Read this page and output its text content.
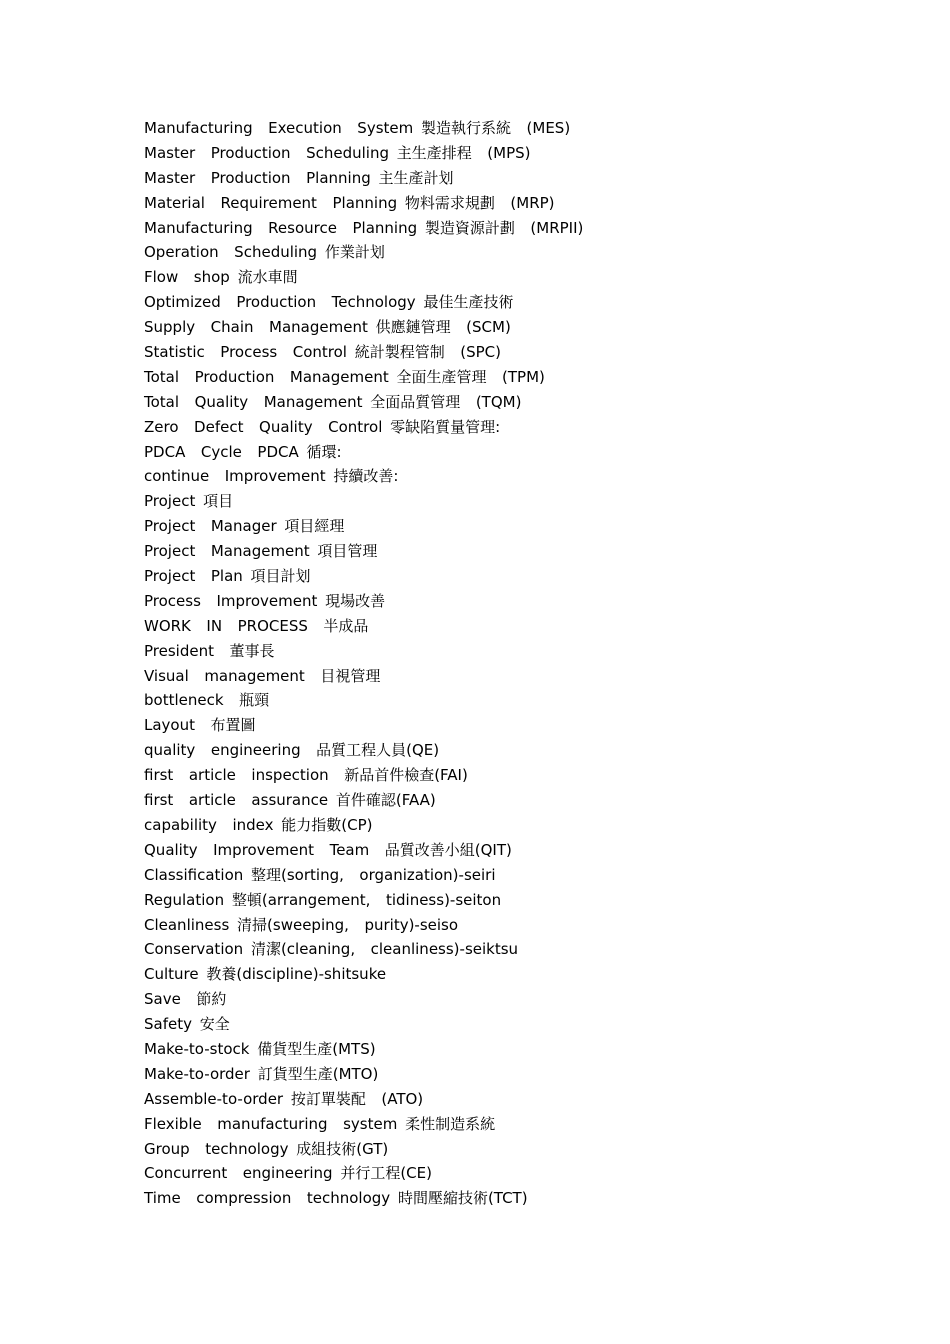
Manufacturing  Execution  System 製造執行系統  (MES)
Master  Production  Scheduling 主生產排程  (MPS)
Master  Production  Planning 主生產計划
Material  Requirement  Planning 物料需求規劃  (MRP)
Manufacturing  Resource  Planning 製造資源計劃  (MRPII)
Operation  Scheduling 作業計划
Flow  shop 流水車間
Optimized  Production  Technology 最佳生產技術
Supply  Chain  Management 供應鏈管理  (SCM)
Statistic  Process  Control 統計製程管制  (SPC)
Total  Production  Management 全面生產管理  (TPM)
Total  Quality  Management 全面品質管理  (TQM)
Zero  Defect  Quality  Control 零缺陷質量管理:
PDCA  Cycle  PDCA 循環:
continue  Improvement 持續改善:
Project 項目
Project  Manager 項目經理
Project  Management 項目管理
Project  Plan 項目計划
Process  Improvement 現場改善
WORK  IN  PROCESS  半成品
President  董事長
Visual  management  目視管理
bottleneck  瓶頸
Layout  布置圖
quality  engineering  品質工程人員(QE)
first  article  inspection  新品首件檢查(FAI)
first  article  assurance 首件確認(FAA)
capability  index 能力指數(CP)
Quality  Improvement  Team  品質改善小組(QIT)
Classification 整理(sorting,  organization)-seiri
Regulation 整頓(arrangement,  tidiness)-seiton
Cleanliness 清掃(sweeping,  purity)-seiso
Conservation 清潔(cleaning,  cleanliness)-seiktsu
Culture 教養(discipline)-shitsuke
Save  節約
Safety 安全
Make-to-stock 備貨型生產(MTS)
Make-to-order 訂貨型生產(MTO)
Assemble-to-order 按訂單裝配  (ATO)
Flexible  manufacturing  system 柔性制造系統
Group  technology 成組技術(GT)
Concurrent  engineering 并行工程(CE)
Time  compression  technology 時間壓縮技術(TCT)
